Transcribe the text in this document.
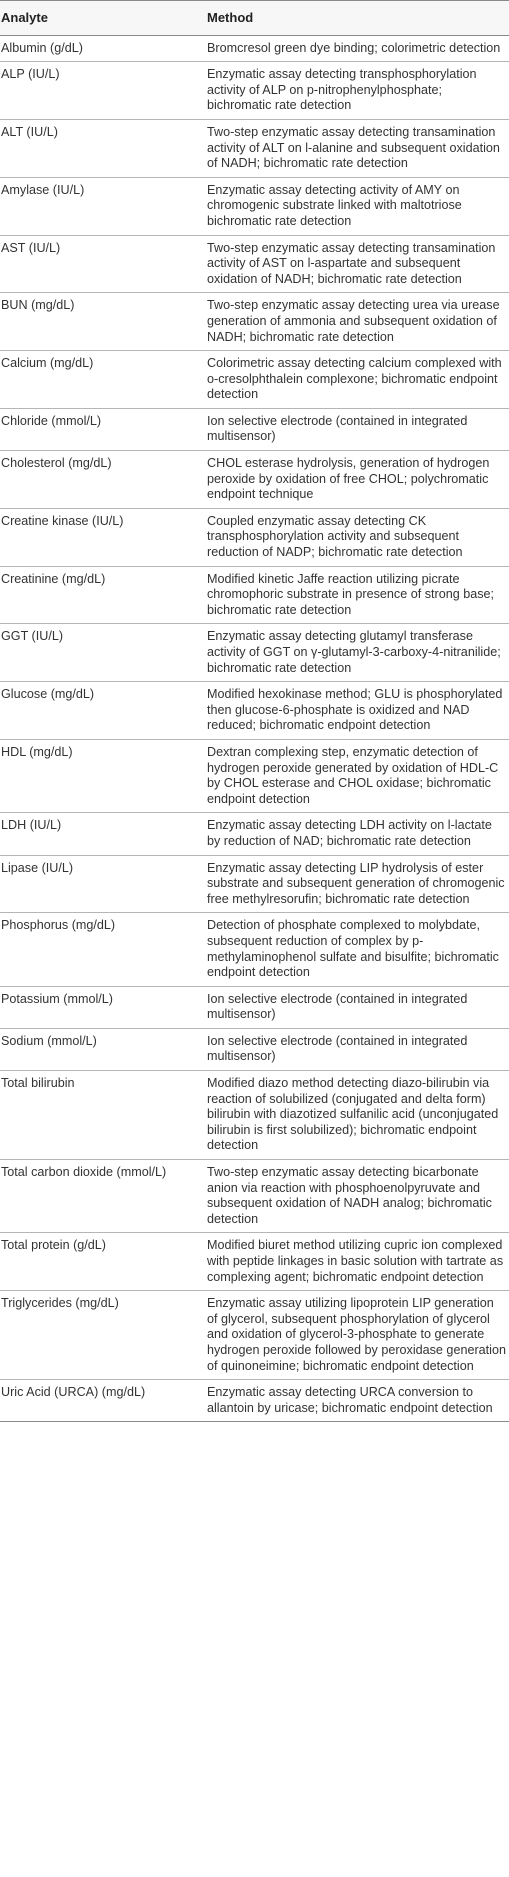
Analyte	Method
Albumin (g/dL)	Bromcresol green dye binding; colorimetric detection
ALP (IU/L)	Enzymatic assay detecting transphosphorylation activity of ALP on p-nitrophenylphosphate; bichromatic rate detection
ALT (IU/L)	Two-step enzymatic assay detecting transamination activity of ALT on l-alanine and subsequent oxidation of NADH; bichromatic rate detection
Amylase (IU/L)	Enzymatic assay detecting activity of AMY on chromogenic substrate linked with maltotriose bichromatic rate detection
AST (IU/L)	Two-step enzymatic assay detecting transamination activity of AST on l-aspartate and subsequent oxidation of NADH; bichromatic rate detection
BUN (mg/dL)	Two-step enzymatic assay detecting urea via urease generation of ammonia and subsequent oxidation of NADH; bichromatic rate detection
Calcium (mg/dL)	Colorimetric assay detecting calcium complexed with o-cresolphthalein complexone; bichromatic endpoint detection
Chloride (mmol/L)	Ion selective electrode (contained in integrated multisensor)
Cholesterol (mg/dL)	CHOL esterase hydrolysis, generation of hydrogen peroxide by oxidation of free CHOL; polychromatic endpoint technique
Creatine kinase (IU/L)	Coupled enzymatic assay detecting CK transphosphorylation activity and subsequent reduction of NADP; bichromatic rate detection
Creatinine (mg/dL)	Modified kinetic Jaffe reaction utilizing picrate chromophoric substrate in presence of strong base; bichromatic rate detection
GGT (IU/L)	Enzymatic assay detecting glutamyl transferase activity of GGT on γ-glutamyl-3-carboxy-4-nitranilide; bichromatic rate detection
Glucose (mg/dL)	Modified hexokinase method; GLU is phosphorylated then glucose-6-phosphate is oxidized and NAD reduced; bichromatic endpoint detection
HDL (mg/dL)	Dextran complexing step, enzymatic detection of hydrogen peroxide generated by oxidation of HDL-C by CHOL esterase and CHOL oxidase; bichromatic endpoint detection
LDH (IU/L)	Enzymatic assay detecting LDH activity on l-lactate by reduction of NAD; bichromatic rate detection
Lipase (IU/L)	Enzymatic assay detecting LIP hydrolysis of ester substrate and subsequent generation of chromogenic free methylresorufin; bichromatic rate detection
Phosphorus (mg/dL)	Detection of phosphate complexed to molybdate, subsequent reduction of complex by p-methylaminophenol sulfate and bisulfite; bichromatic endpoint detection
Potassium (mmol/L)	Ion selective electrode (contained in integrated multisensor)
Sodium (mmol/L)	Ion selective electrode (contained in integrated multisensor)
Total bilirubin	Modified diazo method detecting diazo-bilirubin via reaction of solubilized (conjugated and delta form) bilirubin with diazotized sulfanilic acid (unconjugated bilirubin is first solubilized); bichromatic endpoint detection
Total carbon dioxide (mmol/L)	Two-step enzymatic assay detecting bicarbonate anion via reaction with phosphoenolpyruvate and subsequent oxidation of NADH analog; bichromatic detection
Total protein (g/dL)	Modified biuret method utilizing cupric ion complexed with peptide linkages in basic solution with tartrate as complexing agent; bichromatic endpoint detection
Triglycerides (mg/dL)	Enzymatic assay utilizing lipoprotein LIP generation of glycerol, subsequent phosphorylation of glycerol and oxidation of glycerol-3-phosphate to generate hydrogen peroxide followed by peroxidase generation of quinoneimine; bichromatic endpoint detection
Uric Acid (URCA) (mg/dL)	Enzymatic assay detecting URCA conversion to allantoin by uricase; bichromatic endpoint detection
